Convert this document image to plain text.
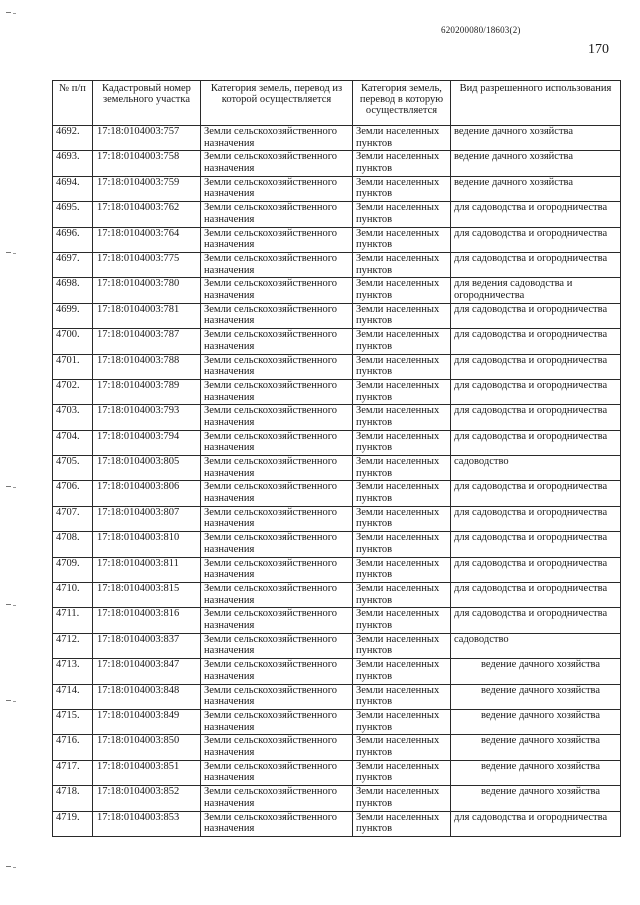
620200080/18603(2)
170
№ п/п	Кадастровый номер земельного участка	Категория земель, перевод из которой осуществляется	Категория земель, перевод в которую осуществляется	Вид разрешенного использования
4692.	17:18:0104003:757	Земли сельскохозяйственного назначения	Земли населенных пунктов	ведение дачного хозяйства
4693.	17:18:0104003:758	Земли сельскохозяйственного назначения	Земли населенных пунктов	ведение дачного хозяйства
4694.	17:18:0104003:759	Земли сельскохозяйственного назначения	Земли населенных пунктов	ведение дачного хозяйства
4695.	17:18:0104003:762	Земли сельскохозяйственного назначения	Земли населенных пунктов	для садоводства и огородничества
4696.	17:18:0104003:764	Земли сельскохозяйственного назначения	Земли населенных пунктов	для садоводства и огородничества
4697.	17:18:0104003:775	Земли сельскохозяйственного назначения	Земли населенных пунктов	для садоводства и огородничества
4698.	17:18:0104003:780	Земли сельскохозяйственного назначения	Земли населенных пунктов	для ведения садоводства и огородничества
4699.	17:18:0104003:781	Земли сельскохозяйственного назначения	Земли населенных пунктов	для садоводства и огородничества
4700.	17:18:0104003:787	Земли сельскохозяйственного назначения	Земли населенных пунктов	для садоводства и огородничества
4701.	17:18:0104003:788	Земли сельскохозяйственного назначения	Земли населенных пунктов	для садоводства и огородничества
4702.	17:18:0104003:789	Земли сельскохозяйственного назначения	Земли населенных пунктов	для садоводства и огородничества
4703.	17:18:0104003:793	Земли сельскохозяйственного назначения	Земли населенных пунктов	для садоводства и огородничества
4704.	17:18:0104003:794	Земли сельскохозяйственного назначения	Земли населенных пунктов	для садоводства и огородничества
4705.	17:18:0104003:805	Земли сельскохозяйственного назначения	Земли населенных пунктов	садоводство
4706.	17:18:0104003:806	Земли сельскохозяйственного назначения	Земли населенных пунктов	для садоводства и огородничества
4707.	17:18:0104003:807	Земли сельскохозяйственного назначения	Земли населенных пунктов	для садоводства и огородничества
4708.	17:18:0104003:810	Земли сельскохозяйственного назначения	Земли населенных пунктов	для садоводства и огородничества
4709.	17:18:0104003:811	Земли сельскохозяйственного назначения	Земли населенных пунктов	для садоводства и огородничества
4710.	17:18:0104003:815	Земли сельскохозяйственного назначения	Земли населенных пунктов	для садоводства и огородничества
4711.	17:18:0104003:816	Земли сельскохозяйственного назначения	Земли населенных пунктов	для садоводства и огородничества
4712.	17:18:0104003:837	Земли сельскохозяйственного назначения	Земли населенных пунктов	садоводство
4713.	17:18:0104003:847	Земли сельскохозяйственного назначения	Земли населенных пунктов	ведение дачного хозяйства
4714.	17:18:0104003:848	Земли сельскохозяйственного назначения	Земли населенных пунктов	ведение дачного хозяйства
4715.	17:18:0104003:849	Земли сельскохозяйственного назначения	Земли населенных пунктов	ведение дачного хозяйства
4716.	17:18:0104003:850	Земли сельскохозяйственного назначения	Земли населенных пунктов	ведение дачного хозяйства
4717.	17:18:0104003:851	Земли сельскохозяйственного назначения	Земли населенных пунктов	ведение дачного хозяйства
4718.	17:18:0104003:852	Земли сельскохозяйственного назначения	Земли населенных пунктов	ведение дачного хозяйства
4719.	17:18:0104003:853	Земли сельскохозяйственного назначения	Земли населенных пунктов	для садоводства и огородничества
